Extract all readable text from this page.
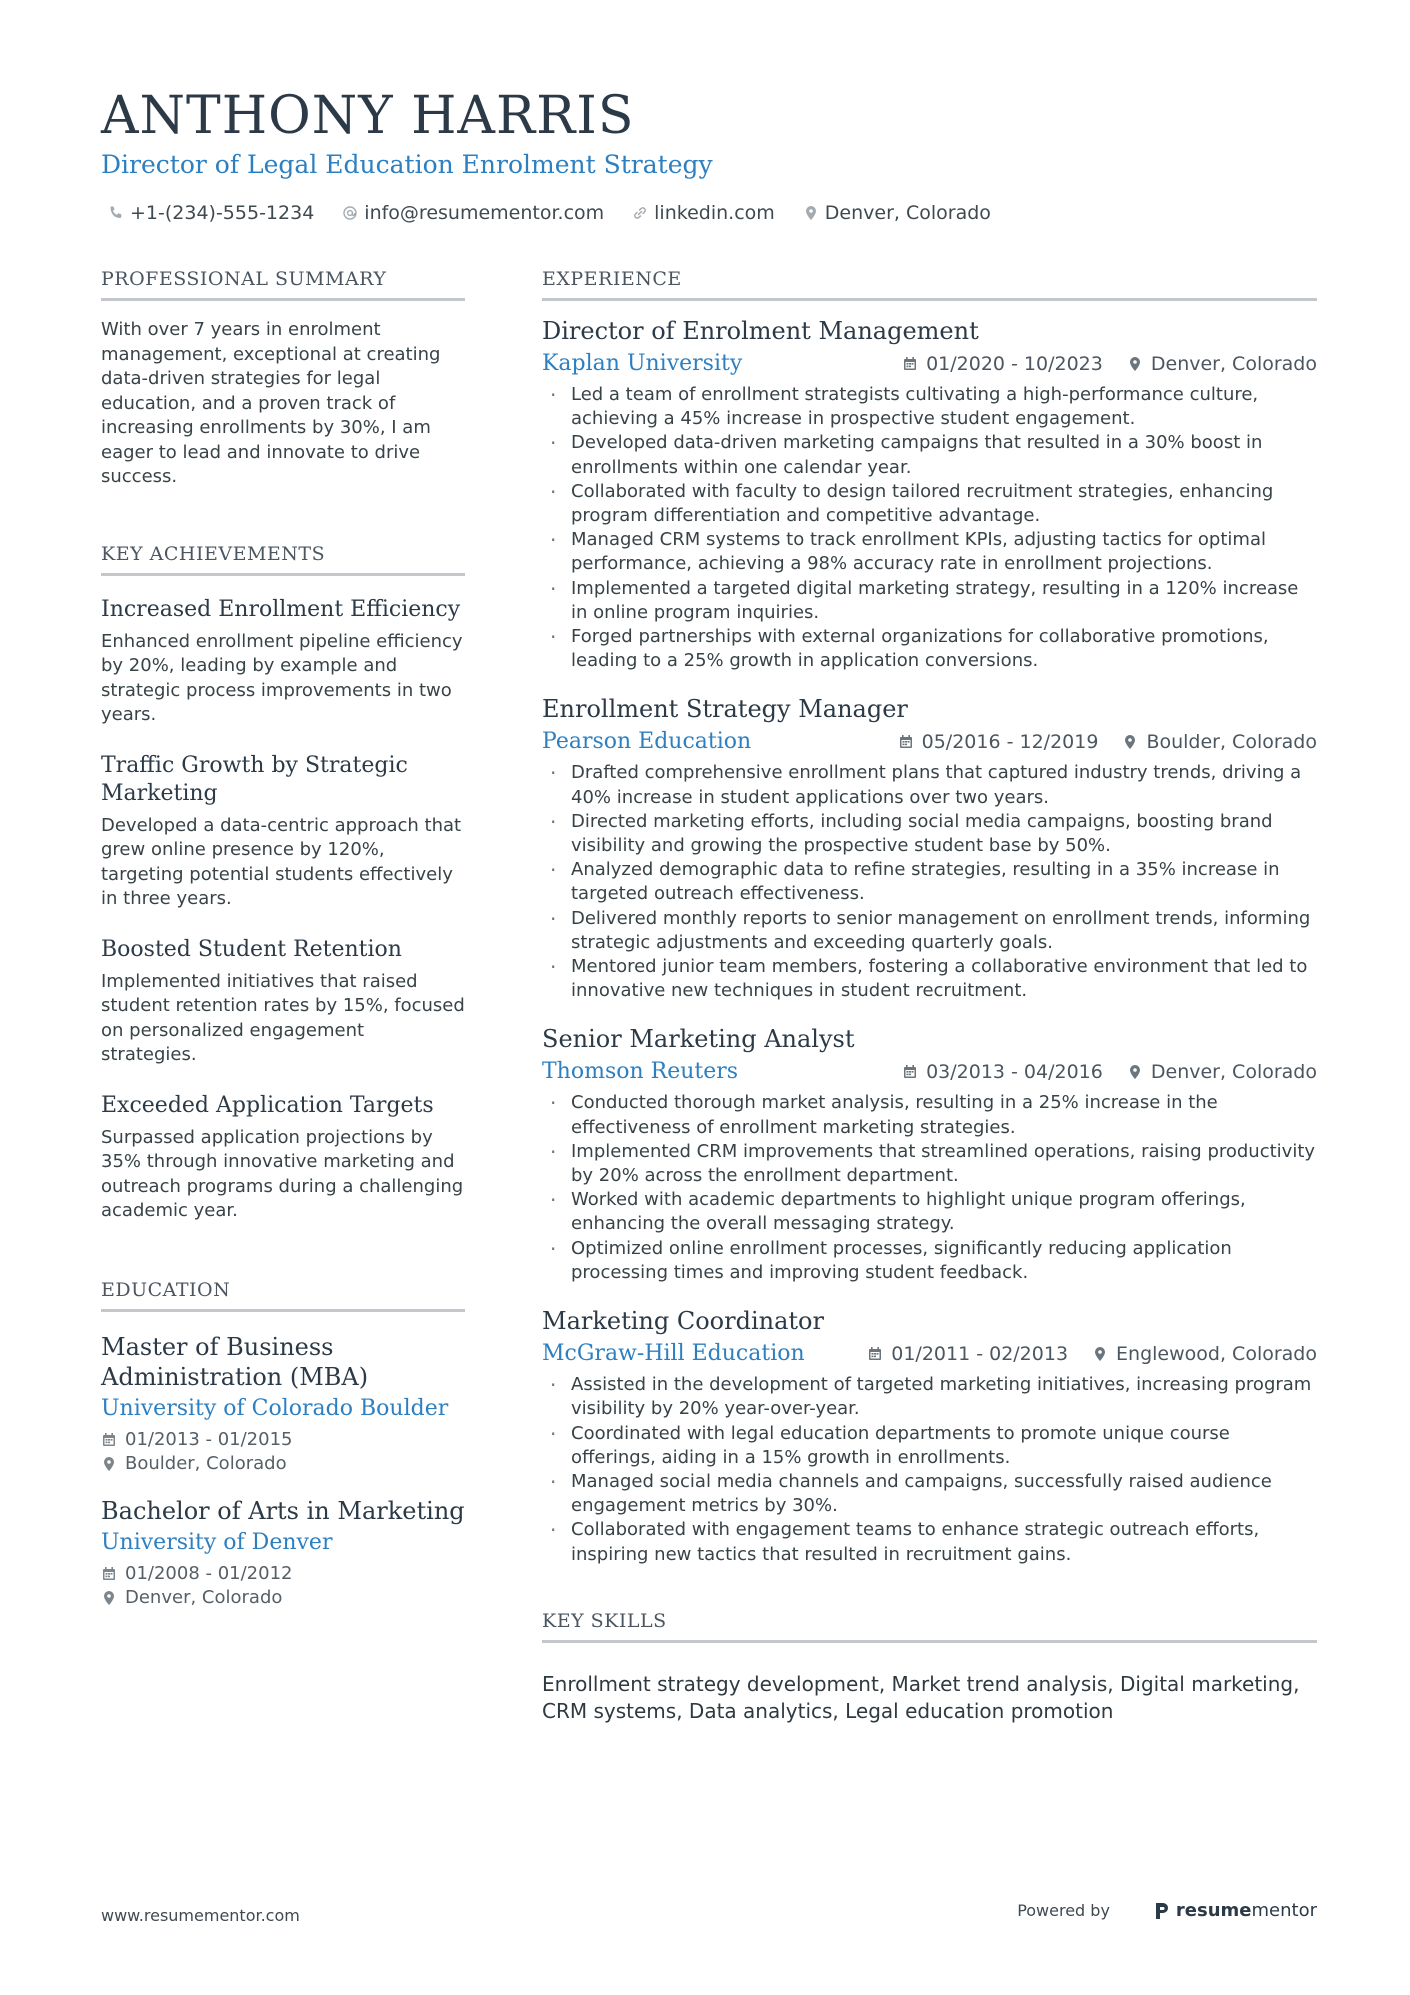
ANTHONY HARRIS
Director of Legal Education Enrolment Strategy
+1-(234)-555-1234	info@resumementor.com	linkedin.com	Denver, Colorado
PROFESSIONAL SUMMARY
With over 7 years in enrolment management, exceptional at creating data-driven strategies for legal education, and a proven track of increasing enrollments by 30%, I am eager to lead and innovate to drive success.
KEY ACHIEVEMENTS
Increased Enrollment Efficiency
Enhanced enrollment pipeline efficiency by 20%, leading by example and strategic process improvements in two years.
Traffic Growth by Strategic Marketing
Developed a data-centric approach that grew online presence by 120%, targeting potential students effectively in three years.
Boosted Student Retention
Implemented initiatives that raised student retention rates by 15%, focused on personalized engagement strategies.
Exceeded Application Targets
Surpassed application projections by 35% through innovative marketing and outreach programs during a challenging academic year.
EDUCATION
Master of Business Administration (MBA)
University of Colorado Boulder
01/2013 - 01/2015
Boulder, Colorado
Bachelor of Arts in Marketing
University of Denver
01/2008 - 01/2012
Denver, Colorado
EXPERIENCE
Director of Enrolment Management
Kaplan University	01/2020 - 10/2023	Denver, Colorado
· Led a team of enrollment strategists cultivating a high-performance culture, achieving a 45% increase in prospective student engagement.
· Developed data-driven marketing campaigns that resulted in a 30% boost in enrollments within one calendar year.
· Collaborated with faculty to design tailored recruitment strategies, enhancing program differentiation and competitive advantage.
· Managed CRM systems to track enrollment KPIs, adjusting tactics for optimal performance, achieving a 98% accuracy rate in enrollment projections.
· Implemented a targeted digital marketing strategy, resulting in a 120% increase in online program inquiries.
· Forged partnerships with external organizations for collaborative promotions, leading to a 25% growth in application conversions.
Enrollment Strategy Manager
Pearson Education	05/2016 - 12/2019	Boulder, Colorado
· Drafted comprehensive enrollment plans that captured industry trends, driving a 40% increase in student applications over two years.
· Directed marketing efforts, including social media campaigns, boosting brand visibility and growing the prospective student base by 50%.
· Analyzed demographic data to refine strategies, resulting in a 35% increase in targeted outreach effectiveness.
· Delivered monthly reports to senior management on enrollment trends, informing strategic adjustments and exceeding quarterly goals.
· Mentored junior team members, fostering a collaborative environment that led to innovative new techniques in student recruitment.
Senior Marketing Analyst
Thomson Reuters	03/2013 - 04/2016	Denver, Colorado
· Conducted thorough market analysis, resulting in a 25% increase in the effectiveness of enrollment marketing strategies.
· Implemented CRM improvements that streamlined operations, raising productivity by 20% across the enrollment department.
· Worked with academic departments to highlight unique program offerings, enhancing the overall messaging strategy.
· Optimized online enrollment processes, significantly reducing application processing times and improving student feedback.
Marketing Coordinator
McGraw-Hill Education	01/2011 - 02/2013	Englewood, Colorado
· Assisted in the development of targeted marketing initiatives, increasing program visibility by 20% year-over-year.
· Coordinated with legal education departments to promote unique course offerings, aiding in a 15% growth in enrollments.
· Managed social media channels and campaigns, successfully raised audience engagement metrics by 30%.
· Collaborated with engagement teams to enhance strategic outreach efforts, inspiring new tactics that resulted in recruitment gains.
KEY SKILLS
Enrollment strategy development, Market trend analysis, Digital marketing, CRM systems, Data analytics, Legal education promotion
www.resumementor.com	Powered by	resume mentor
